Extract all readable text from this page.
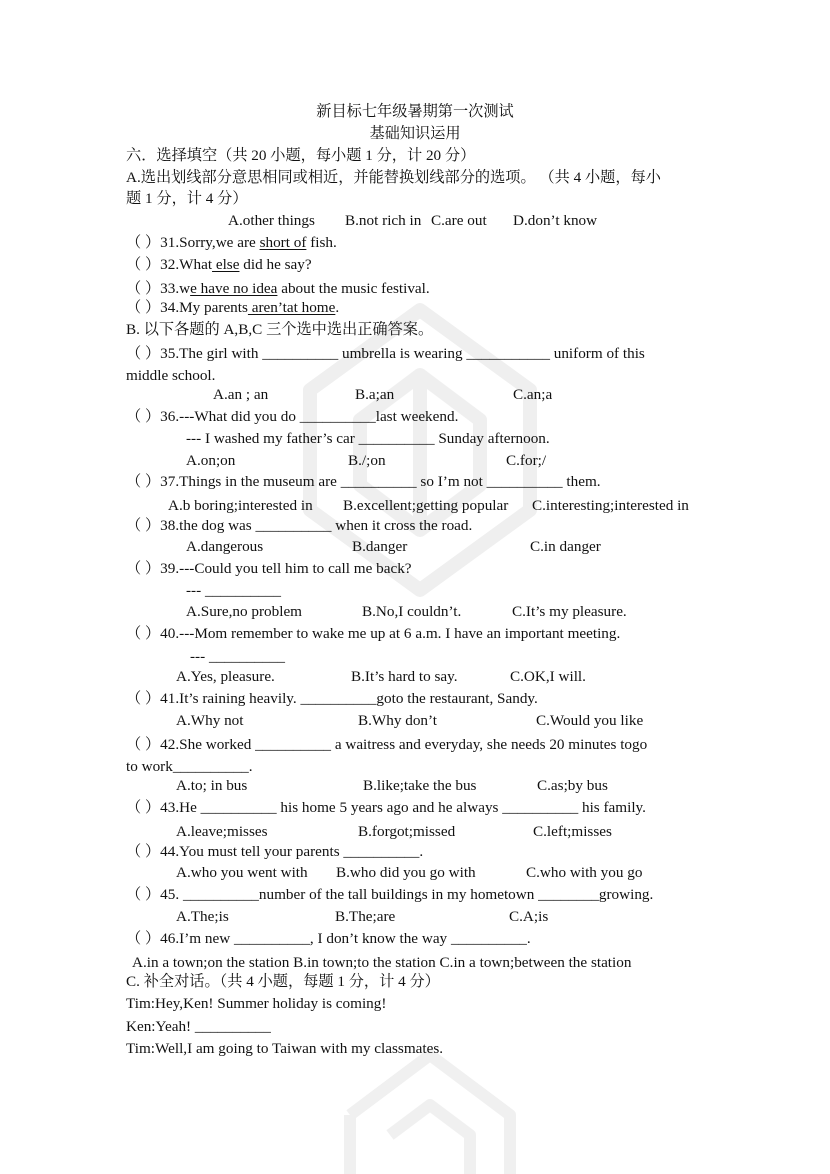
新目标七年级暑期第一次测试
基础知识运用
六．选择填空（共 20 小题，每小题 1 分，计 20 分）
A.选出划线部分意思相同或相近，并能替换划线部分的选项。 （共 4 小题，每小
题 1 分，计 4 分）
A.other things B.not rich in C.are out D.don’t know
（ ）31.Sorry,we are short of fish.
（ ）32.What else did he say?
（ ）33.we have no idea about the music festival.
（ ）34.My parents aren’tat home.
B. 以下各题的 A,B,C 三个选中选出正确答案。
（ ）35.The girl with __________ umbrella is wearing ___________ uniform of this
middle school.
A.an ; an	B.a;an	C.an;a
（ ）36.---What did you do __________last weekend.
--- I washed my father’s car __________ Sunday afternoon.
A.on;on	B./;on	C.for;/
（ ）37.Things in the museum are __________ so I’m not __________ them.
A.b boring;interested in B.excellent;getting popular C.interesting;interested in
（ ）38.the dog was __________ when it cross the road.
A.dangerous	B.danger	C.in danger
（ ）39.---Could you tell him to call me back?
--- __________
A.Sure,no problem	B.No,I couldn’t.	C.It’s my pleasure.
（ ）40.---Mom remember to wake me up at 6 a.m. I have an important meeting.
--- __________
A.Yes, pleasure.	B.It’s hard to say.	C.OK,I will.
（ ）41.It’s raining heavily. __________goto the restaurant, Sandy.
A.Why not	B.Why don’t	C.Would you like
（ ）42.She worked __________ a waitress and everyday, she needs 20 minutes togo
to work__________.
A.to; in bus	B.like;take the bus	C.as;by bus
（ ）43.He __________ his home 5 years ago and he always __________ his family.
A.leave;misses	B.forgot;missed	C.left;misses
（ ）44.You must tell your parents __________.
A.who you went with B.who did you go with	C.who with you go
（ ）45. __________number of the tall buildings in my hometown ________growing.
A.The;is	B.The;are	C.A;is
（ ）46.I’m new __________, I don’t know the way __________.
A.in a town;on the station B.in town;to the station C.in a town;between the station
C. 补全对话。（共 4 小题，每题 1 分，计 4 分）
Tim:Hey,Ken! Summer holiday is coming!
Ken:Yeah! __________
Tim:Well,I am going to Taiwan with my classmates.
